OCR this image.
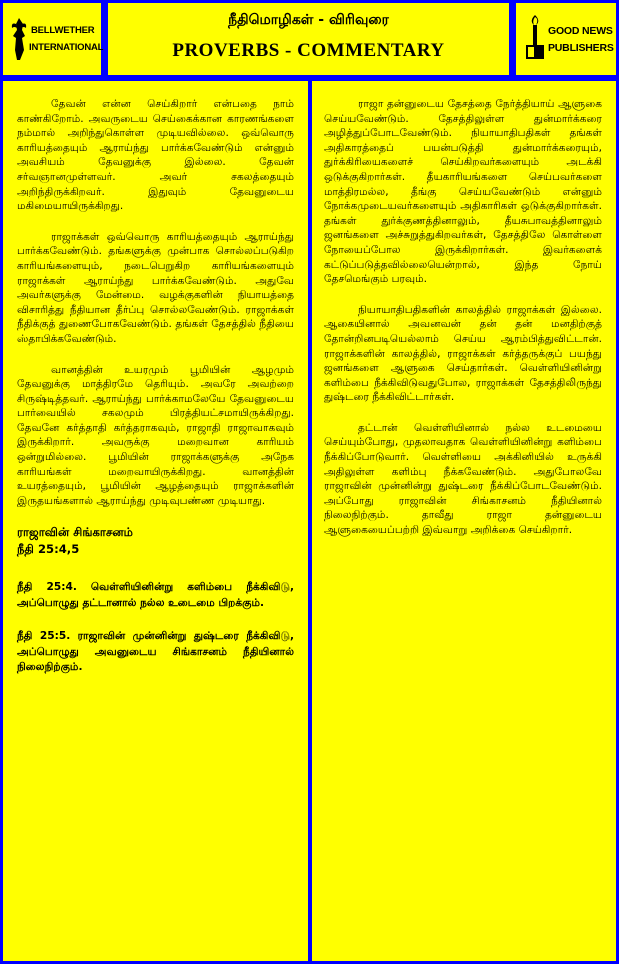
BELLWETHER
INTERNATIONAL
நீதிமொழிகள் - விரிவுரை
PROVERBS - COMMENTARY
GOOD NEWS
PUBLISHERS

தேவன் என்ன செய்கிறார் என்பதை நாம் காண்கிறோம். அவருடைய செய்கைக்கான காரணங்களை நம்மால் அறிந்துகொள்ள முடியவில்லை. ஒவ்வொரு காரியத்தையும் ஆராய்ந்து பார்க்கவேண்டும் என்னும் அவசியம் தேவனுக்கு இல்லை. தேவன் சர்வஞானமுள்ளவர். அவர் சகலத்தையும் அறிந்திருக்கிறவர். இதுவும் தேவனுடைய மகிமையாயிருக்கிறது.

ராஜாக்கள் ஒவ்வொரு காரியத்தையும் ஆராய்ந்து பார்க்கவேண்டும். தங்களுக்கு முன்பாக சொல்லப்படுகிற காரியங்களையும், நடைபெறுகிற காரியங்களையும் ராஜாக்கள் ஆராய்ந்து பார்க்கவேண்டும். அதுவே அவர்களுக்கு மேன்மை. வழக்குகளின் நியாயத்தை விசாரித்து நீதியான தீர்ப்பு சொல்லவேண்டும். ராஜாக்கள் நீதிக்குத் துணைபோகவேண்டும். தங்கள் தேசத்தில் நீதியை ஸ்தாபிக்கவேண்டும்.

வானத்தின் உயரமும் பூமியின் ஆழமும் தேவனுக்கு மாத்திரமே தெரியும். அவரே அவற்றை சிருஷ்டித்தவர். ஆராய்ந்து பார்க்காமலேயே தேவனுடைய பார்வையில் சகலமும் பிரத்தியட்சமாயிருக்கிறது. தேவனே கர்த்தாதி கர்த்தராகவும், ராஜாதி ராஜாவாகவும் இருக்கிறார். அவருக்கு மறைவான காரியம் ஒன்றுமில்லை. பூமியின் ராஜாக்களுக்கு அநேக காரியங்கள் மறைவாயிருக்கிறது. வானத்தின் உயரத்தையும், பூமியின் ஆழத்தையும் ராஜாக்களின் இருதயங்களால் ஆராய்ந்து முடிவுபண்ண முடியாது.

ராஜாவின் சிங்காசனம்
நீதி 25:4,5

நீதி 25:4. வெள்ளியினின்று களிம்பை நீக்கிவிடு, அப்பொழுது தட்டானால் நல்ல உடைமை பிறக்கும்.

நீதி 25:5. ராஜாவின் முன்னின்று துஷ்டரை நீக்கிவிடு, அப்பொழுது அவனுடைய சிங்காசனம் நீதியினால் நிலைநிற்கும்.

ராஜா தன்னுடைய தேசத்தை நேர்த்தியாய் ஆளுகை செய்யவேண்டும். தேசத்திலுள்ள துன்மார்க்கரை அழித்துப்போடவேண்டும். நியாயாதிபதிகள் தங்கள் அதிகாரத்தைப் பயன்படுத்தி துன்மார்க்கரையும், துர்க்கிரியைகளைச் செய்கிறவர்களையும் அடக்கி ஒடுக்குகிறார்கள். தீயகாரியங்களை செய்பவர்களை மாத்திரமல்ல, தீங்கு செய்யவேண்டும் என்னும் நோக்கமுடையவர்களையும் அதிகாரிகள் ஒடுக்குகிறார்கள். தங்கள் துர்க்குணத்தினாலும், தீயசுபாவத்தினாலும் ஜனங்களை அச்சுறுத்துகிறவர்கள், தேசத்திலே கொள்ளை நோயைப்போல இருக்கிறார்கள். இவர்களைக் கட்டுப்படுத்தவில்லையென்றால், இந்த நோய் தேசமெங்கும் பரவும்.

நியாயாதிபதிகளின் காலத்தில் ராஜாக்கள் இல்லை. ஆகையினால் அவனவன் தன் தன் மனதிற்குத் தோன்றினபடியெல்லாம் செய்ய ஆரம்பித்துவிட்டான். ராஜாக்களின் காலத்தில், ராஜாக்கள் கர்த்தருக்குப் பயந்து ஜனங்களை ஆளுகை செய்தார்கள். வெள்ளியினின்று களிம்பை நீக்கிவிடுவதுபோல, ராஜாக்கள் தேசத்திலிருந்து துஷ்டரை நீக்கிவிட்டார்கள்.

தட்டான் வெள்ளியினால் நல்ல உடமையை செய்யும்போது, முதலாவதாக வெள்ளியினின்று களிம்பை நீக்கிப்போடுவார். வெள்ளியை அக்கினியில் உருக்கி அதிலுள்ள களிம்பு நீக்கவேண்டும். அதுபோலவே ராஜாவின் முன்னின்று துஷ்டரை நீக்கிப்போடவேண்டும். அப்போது ராஜாவின் சிங்காசனம் நீதியினால் நிலைநிற்கும். தாவீது ராஜா தன்னுடைய ஆளுகையைப்பற்றி இவ்வாறு அறிக்கை செய்கிறார்.
